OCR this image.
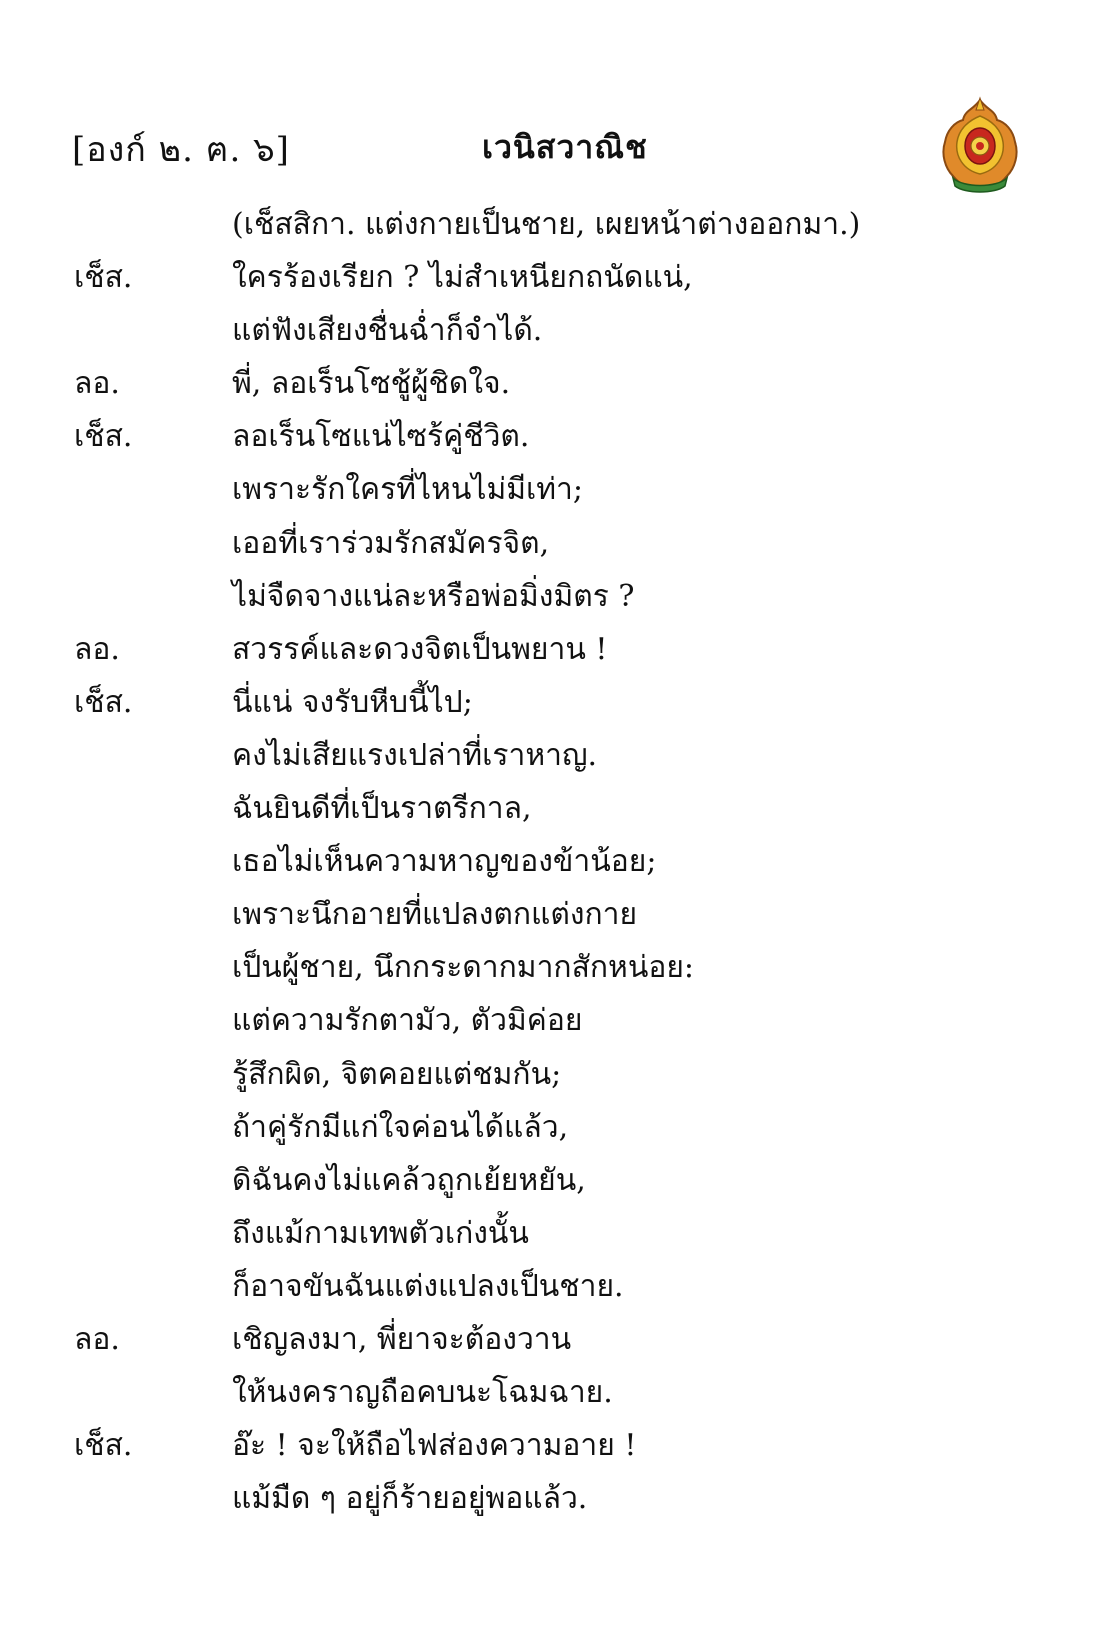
[องก์ ๒. ฅ. ๖]	เวนิสวาณิช
(เช็สสิกา. แต่งกายเป็นชาย, เผยหน้าต่างออกมา.)
เช็ส.	ใครร้องเรียก ? ไม่สำเหนียกถนัดแน่,
แต่ฟังเสียงชื่นฉ่ำก็จำได้.
ลอ.	พี่, ลอเร็นโซชู้ผู้ชิดใจ.
เช็ส.	ลอเร็นโซแน่ไซร้คู่ชีวิต.
เพราะรักใครที่ไหนไม่มีเท่า;
เออที่เราร่วมรักสมัครจิต,
ไม่จืดจางแน่ละหรือพ่อมิ่งมิตร ?
ลอ.	สวรรค์และดวงจิตเป็นพยาน !
เช็ส.	นี่แน่ จงรับหีบนี้ไป;
คงไม่เสียแรงเปล่าที่เราหาญ.
ฉันยินดีที่เป็นราตรีกาล,
เธอไม่เห็นความหาญของข้าน้อย;
เพราะนึกอายที่แปลงตกแต่งกาย
เป็นผู้ชาย, นึกกระดากมากสักหน่อย:
แต่ความรักตามัว, ตัวมิค่อย
รู้สึกผิด, จิตคอยแต่ชมกัน;
ถ้าคู่รักมีแก่ใจค่อนได้แล้ว,
ดิฉันคงไม่แคล้วถูกเย้ยหยัน,
ถึงแม้กามเทพตัวเก่งนั้น
ก็อาจขันฉันแต่งแปลงเป็นชาย.
ลอ.	เชิญลงมา, พี่ยาจะต้องวาน
ให้นงคราญถือคบนะโฉมฉาย.
เช็ส.	อ๊ะ ! จะให้ถือไฟส่องความอาย !
แม้มืด ๆ อยู่ก็ร้ายอยู่พอแล้ว.
